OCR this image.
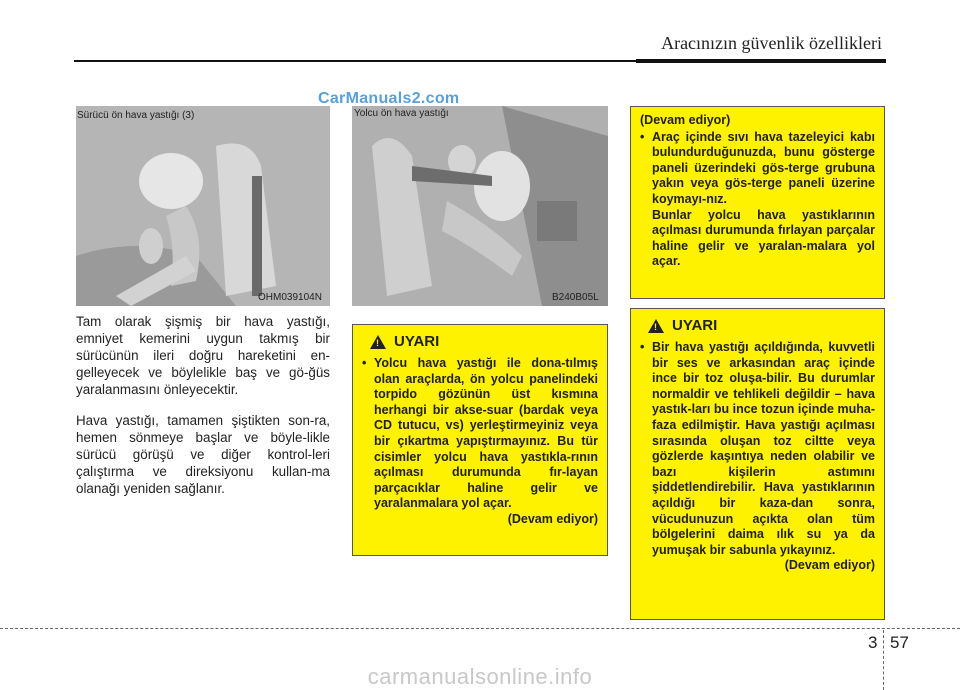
Aracınızın güvenlik özellikleri
Sürücü ön hava yastığı (3)
OHM039104N
CarManuals2.com
Yolcu ön hava yastığı
B240B05L

Tam olarak şişmiş bir hava yastığı, emniyet kemerini uygun takmış bir sürücünün ileri doğru hareketini en-gelleyecek ve böylelikle baş ve gö-ğüs yaralanmasını önleyecektir.

Hava yastığı, tamamen şiştikten son-ra, hemen sönmeye başlar ve böyle-likle sürücü görüşü ve diğer kontrol-leri çalıştırma ve direksiyonu kullan-ma olanağı yeniden sağlanır.

! UYARI
• Yolcu hava yastığı ile dona-tılmış olan araçlarda, ön yolcu panelindeki torpido gözünün üst kısmına herhangi bir akse-suar (bardak veya CD tutucu, vs) yerleştirmeyiniz veya bir çıkartma yapıştırmayınız. Bu tür cisimler yolcu hava yastıkla-rının açılması durumunda fır-layan parçacıklar haline gelir ve yaralanmalara yol açar.
(Devam ediyor)
(Devam ediyor)
• Araç içinde sıvı hava tazeleyici kabı bulundurduğunuzda, bunu gösterge paneli üzerindeki gös-terge grubuna yakın veya gös-terge paneli üzerine koymayı-nız.
Bunlar yolcu hava yastıklarının açılması durumunda fırlayan parçalar haline gelir ve yaralan-malara yol açar.
! UYARI
• Bir hava yastığı açıldığında, kuvvetli bir ses ve arkasından araç içinde ince bir toz oluşa-bilir. Bu durumlar normaldir ve tehlikeli değildir – hava yastık-ları bu ince tozun içinde muha-faza edilmiştir. Hava yastığı açılması sırasında oluşan toz ciltte veya gözlerde kaşıntıya neden olabilir ve bazı kişilerin astımını şiddetlendirebilir. Hava yastıklarının açıldığı bir kaza-dan sonra, vücudunuzun açıkta olan tüm bölgelerini daima ılık su ya da yumuşak bir sabunla yıkayınız.
(Devam ediyor)
3 57
carmanualsonline.info
